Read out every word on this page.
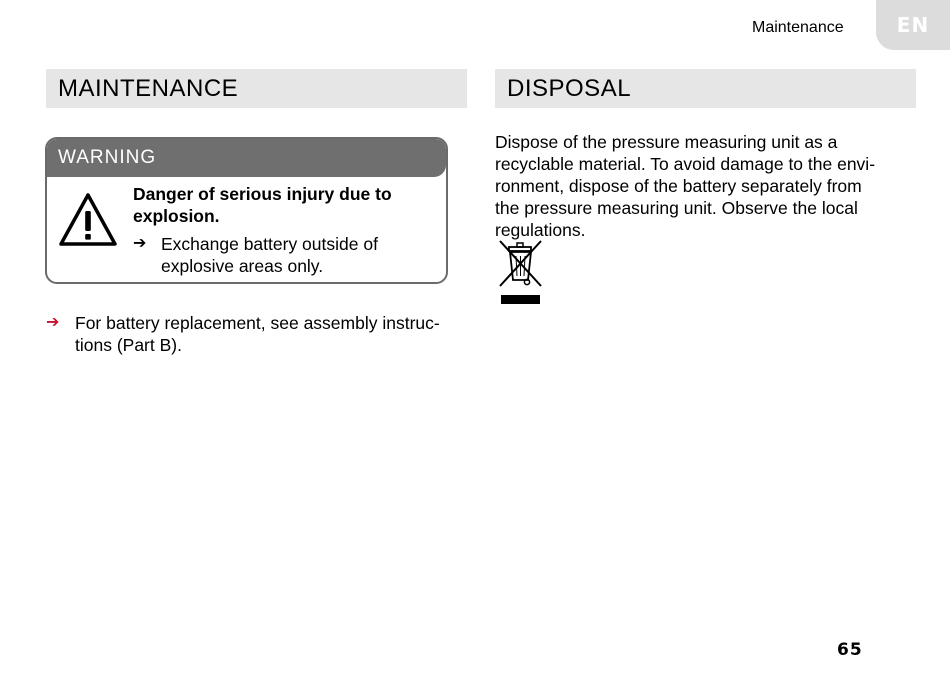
Maintenance	EN
MAINTENANCE	DISPOSAL
WARNING
Danger of serious injury due to
explosion.
➔ Exchange battery outside of
explosive areas only.
➔ For battery replacement, see assembly instruc-
tions (Part B).
Dispose of the pressure measuring unit as a
recyclable material. To avoid damage to the envi-
ronment, dispose of the battery separately from
the pressure measuring unit. Observe the local
regulations.
65
